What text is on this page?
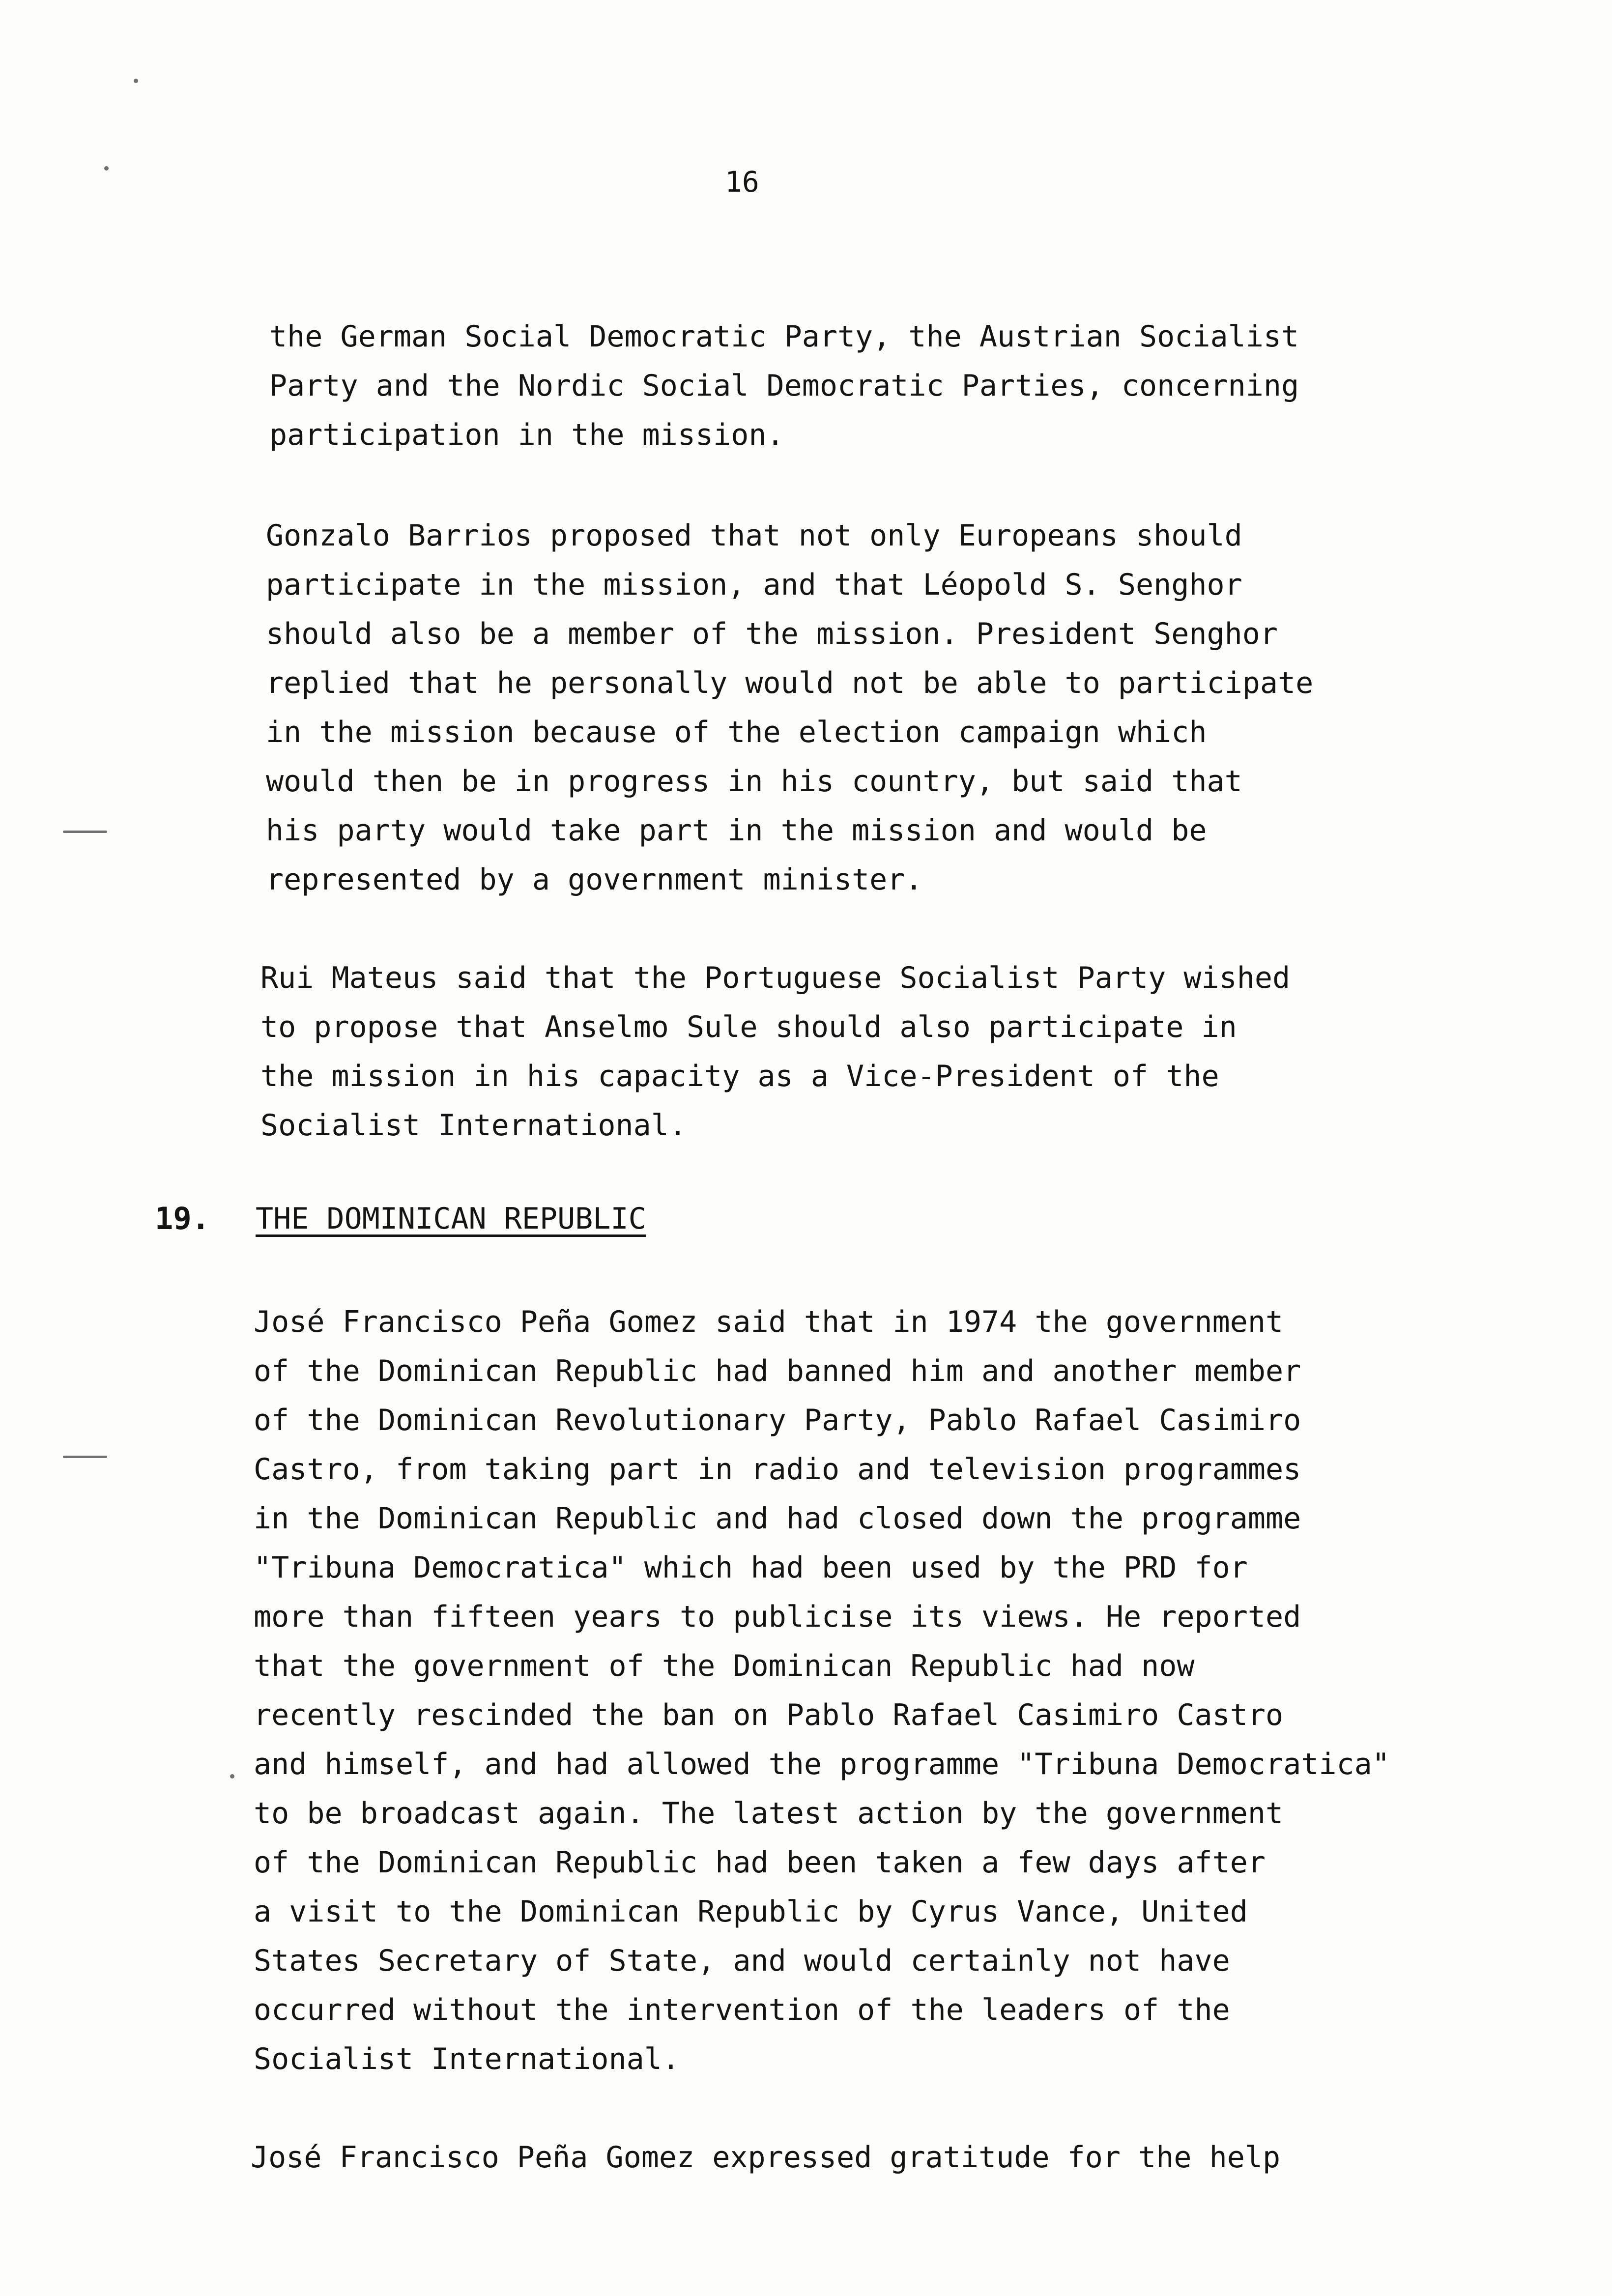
16
the German Social Democratic Party, the Austrian Socialist
Party and the Nordic Social Democratic Parties, concerning
participation in the mission.
Gonzalo Barrios proposed that not only Europeans should
participate in the mission, and that Léopold S. Senghor
should also be a member of the mission. President Senghor
replied that he personally would not be able to participate
in the mission because of the election campaign which
would then be in progress in his country, but said that
his party would take part in the mission and would be
represented by a government minister.
Rui Mateus said that the Portuguese Socialist Party wished
to propose that Anselmo Sule should also participate in
the mission in his capacity as a Vice-President of the
Socialist International.
19. THE DOMINICAN REPUBLIC
José Francisco Peña Gomez said that in 1974 the government
of the Dominican Republic had banned him and another member
of the Dominican Revolutionary Party, Pablo Rafael Casimiro
Castro, from taking part in radio and television programmes
in the Dominican Republic and had closed down the programme
"Tribuna Democratica" which had been used by the PRD for
more than fifteen years to publicise its views. He reported
that the government of the Dominican Republic had now
recently rescinded the ban on Pablo Rafael Casimiro Castro
and himself, and had allowed the programme "Tribuna Democratica"
to be broadcast again. The latest action by the government
of the Dominican Republic had been taken a few days after
a visit to the Dominican Republic by Cyrus Vance, United
States Secretary of State, and would certainly not have
occurred without the intervention of the leaders of the
Socialist International.
José Francisco Peña Gomez expressed gratitude for the help
